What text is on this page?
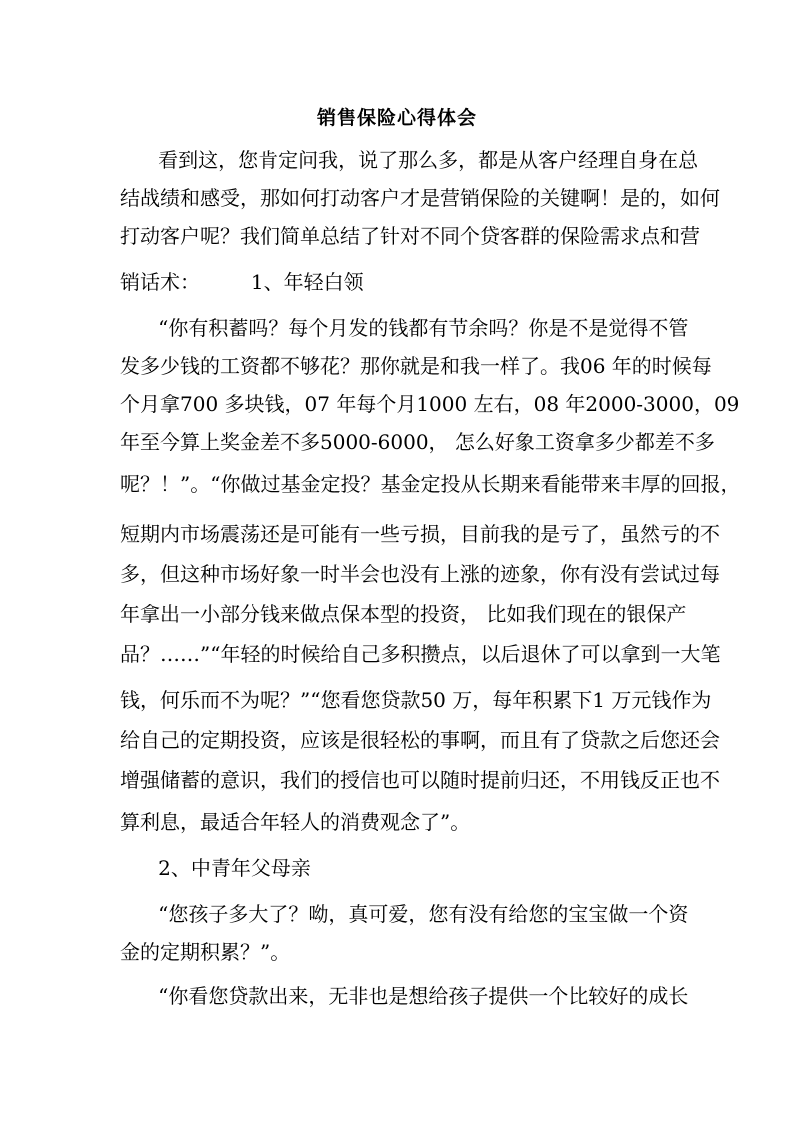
销售保险心得体会
看到这，您肯定问我，说了那么多，都是从客户经理自身在总
结战绩和感受，那如何打动客户才是营销保险的关键啊！是的，如何
打动客户呢？我们简单总结了针对不同个贷客群的保险需求点和营
销话术：        1、年轻白领
“你有积蓄吗？每个月发的钱都有节余吗？你是不是觉得不管
发多少钱的工资都不够花？那你就是和我一样了。我06 年的时候每
个月拿700 多块钱，07 年每个月1000 左右，08 年2000-3000，09
年至今算上奖金差不多5000-6000， 怎么好象工资拿多少都差不多
呢？！”。“你做过基金定投？基金定投从长期来看能带来丰厚的回报，
短期内市场震荡还是可能有一些亏损，目前我的是亏了，虽然亏的不
多，但这种市场好象一时半会也没有上涨的迹象，你有没有尝试过每
年拿出一小部分钱来做点保本型的投资， 比如我们现在的银保产
品？……”“年轻的时候给自己多积攒点，以后退休了可以拿到一大笔
钱，何乐而不为呢？”“您看您贷款50 万，每年积累下1 万元钱作为
给自己的定期投资，应该是很轻松的事啊，而且有了贷款之后您还会
增强储蓄的意识，我们的授信也可以随时提前归还，不用钱反正也不
算利息，最适合年轻人的消费观念了”。
2、中青年父母亲
“您孩子多大了？呦，真可爱，您有没有给您的宝宝做一个资
金的定期积累？”。
“你看您贷款出来，无非也是想给孩子提供一个比较好的成长
